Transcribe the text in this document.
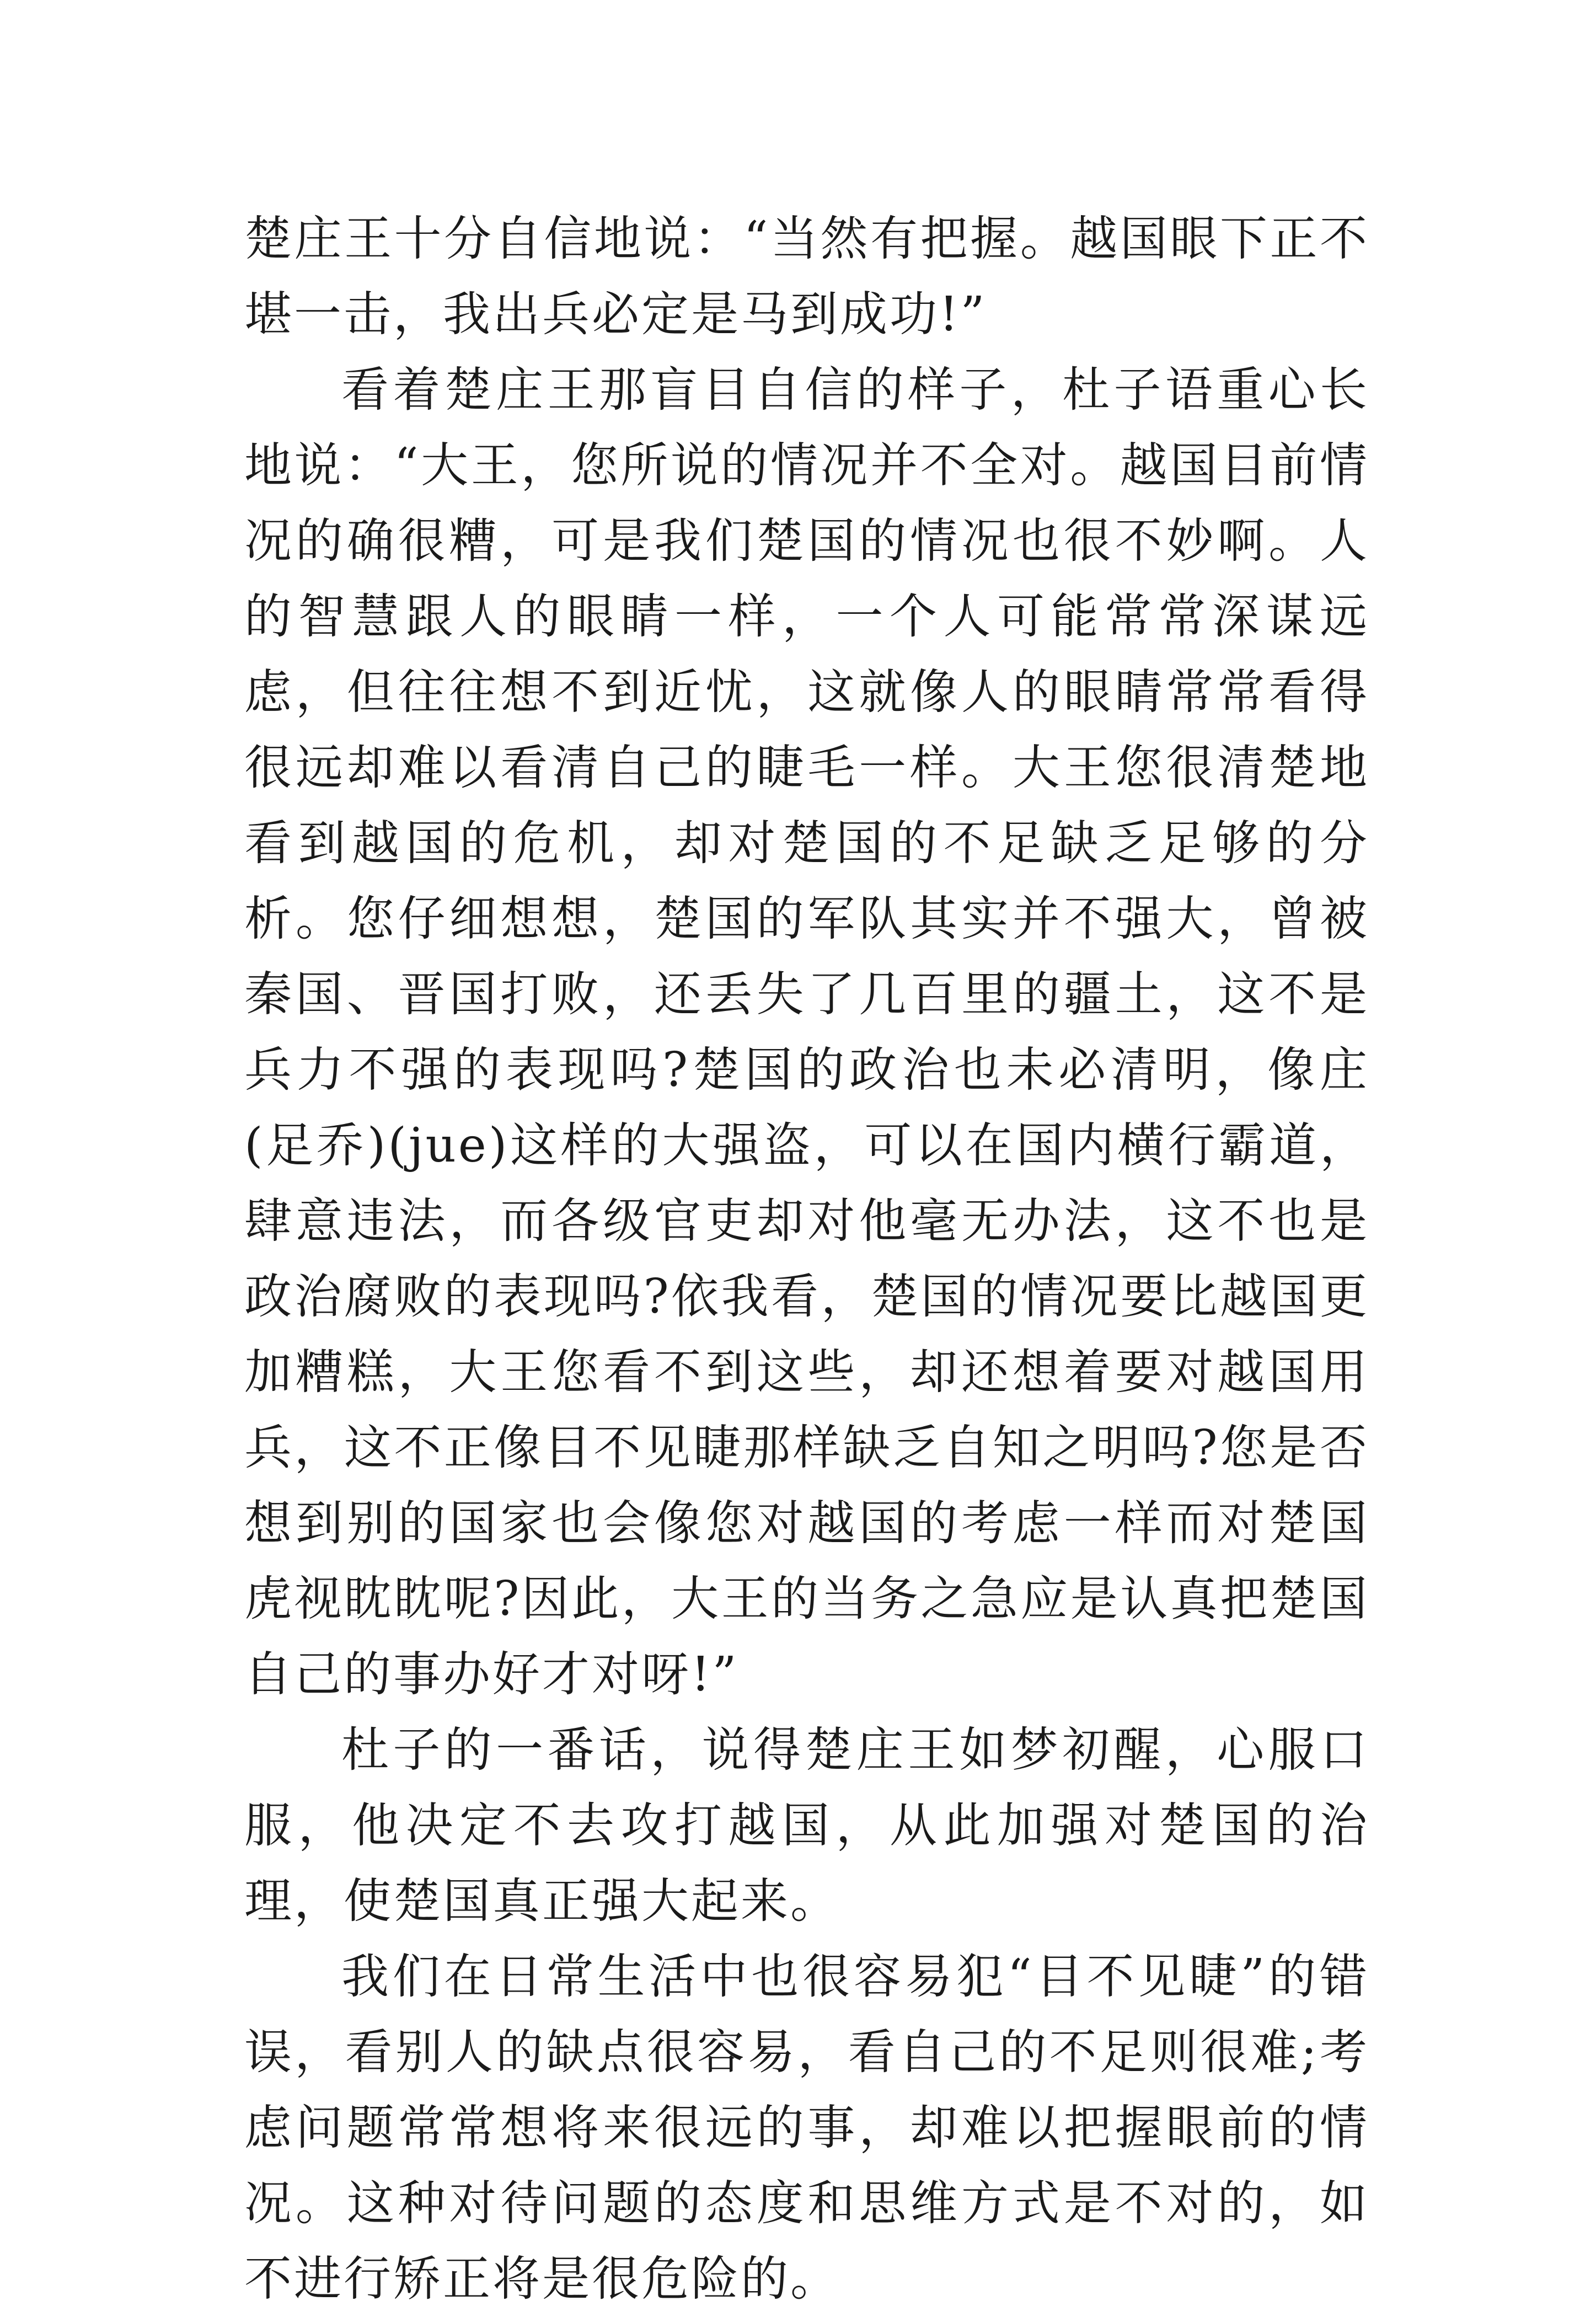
楚庄王十分自信地说：“当然有把握。越国眼下正不堪一击，我出兵必定是马到成功!”

看着楚庄王那盲目自信的样子，杜子语重心长地说：“大王，您所说的情况并不全对。越国目前情况的确很糟，可是我们楚国的情况也很不妙啊。人的智慧跟人的眼睛一样，一个人可能常常深谋远虑，但往往想不到近忧，这就像人的眼睛常常看得很远却难以看清自己的睫毛一样。大王您很清楚地看到越国的危机，却对楚国的不足缺乏足够的分析。您仔细想想，楚国的军队其实并不强大，曾被秦国、晋国打败，还丢失了几百里的疆土，这不是兵力不强的表现吗?楚国的政治也未必清明，像庄(足乔)(jue)这样的大强盗，可以在国内横行霸道，肆意违法，而各级官吏却对他毫无办法，这不也是政治腐败的表现吗?依我看，楚国的情况要比越国更加糟糕，大王您看不到这些，却还想着要对越国用兵，这不正像目不见睫那样缺乏自知之明吗?您是否想到别的国家也会像您对越国的考虑一样而对楚国虎视眈眈呢?因此，大王的当务之急应是认真把楚国自己的事办好才对呀!”

杜子的一番话，说得楚庄王如梦初醒，心服口服，他决定不去攻打越国，从此加强对楚国的治理，使楚国真正强大起来。

我们在日常生活中也很容易犯“目不见睫”的错误，看别人的缺点很容易，看自己的不足则很难;考虑问题常常想将来很远的事，却难以把握眼前的情况。这种对待问题的态度和思维方式是不对的，如不进行矫正将是很危险的。
